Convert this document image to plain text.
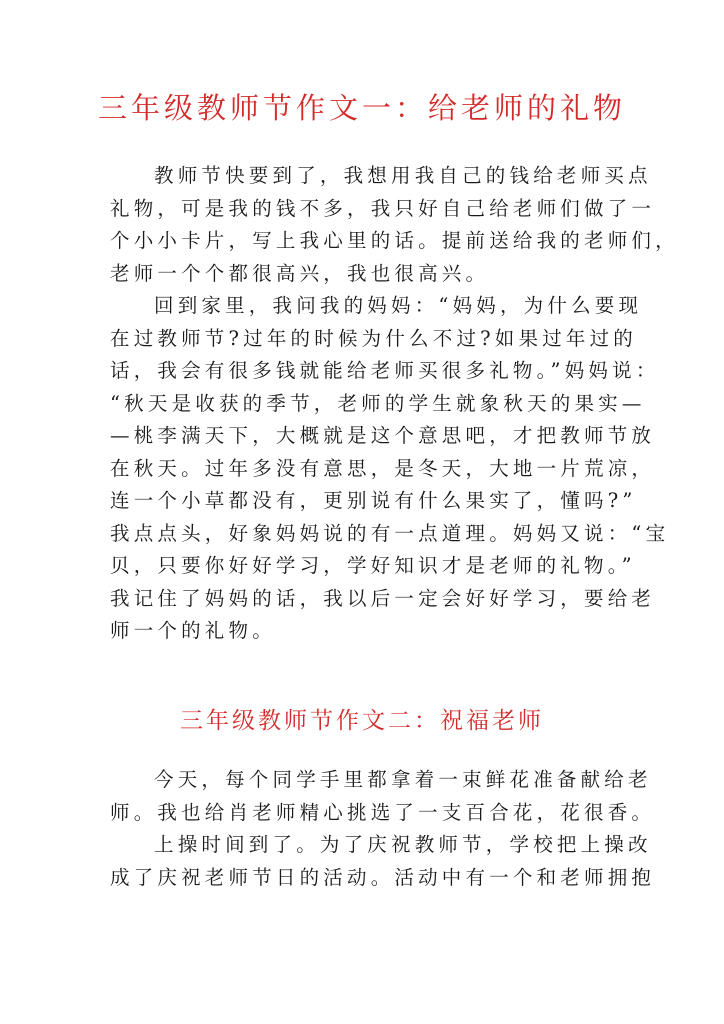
三年级教师节作文一：给老师的礼物
教师节快要到了，我想用我自己的钱给老师买点
礼物，可是我的钱不多，我只好自己给老师们做了一
个小小卡片，写上我心里的话。提前送给我的老师们，
老师一个个都很高兴，我也很高兴。
回到家里，我问我的妈妈：“妈妈，为什么要现
在过教师节?过年的时候为什么不过?如果过年过的
话，我会有很多钱就能给老师买很多礼物。”妈妈说：
“秋天是收获的季节，老师的学生就象秋天的果实—
—桃李满天下，大概就是这个意思吧，才把教师节放
在秋天。过年多没有意思，是冬天，大地一片荒凉，
连一个小草都没有，更别说有什么果实了，懂吗?”
我点点头，好象妈妈说的有一点道理。妈妈又说：“宝
贝，只要你好好学习，学好知识才是老师的礼物。”
我记住了妈妈的话，我以后一定会好好学习，要给老
师一个的礼物。
三年级教师节作文二：祝福老师
今天，每个同学手里都拿着一束鲜花准备献给老
师。我也给肖老师精心挑选了一支百合花，花很香。
上操时间到了。为了庆祝教师节，学校把上操改
成了庆祝老师节日的活动。活动中有一个和老师拥抱
